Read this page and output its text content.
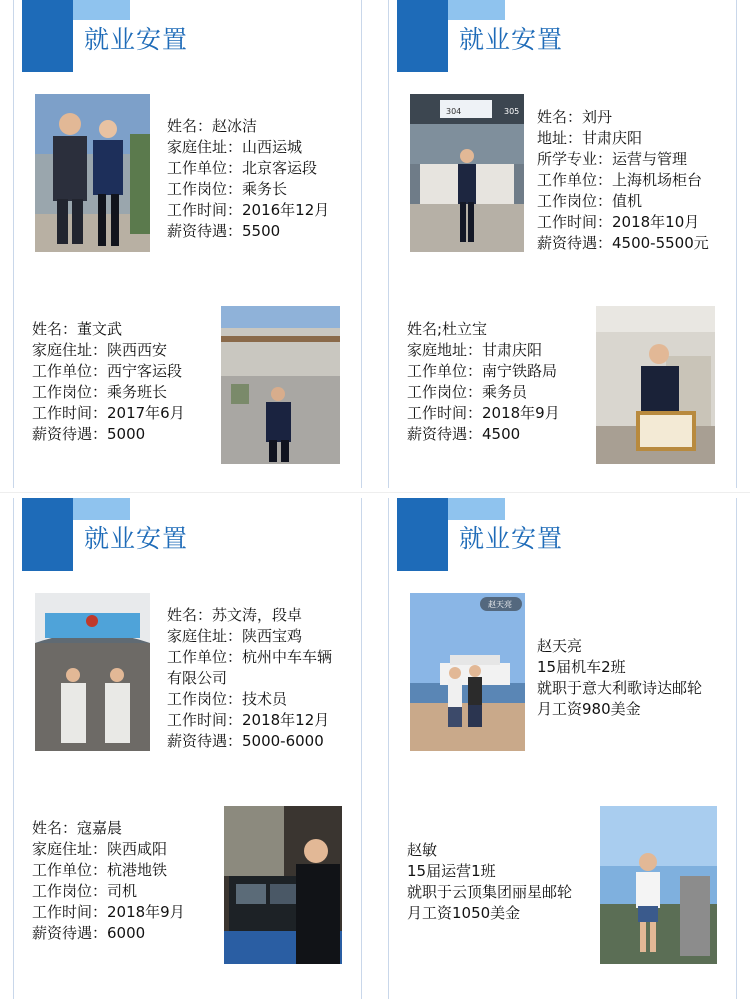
就业安置
姓名：赵冰洁
家庭住址：山西运城
工作单位：北京客运段
工作岗位：乘务长
工作时间：2016年12月
薪资待遇：5500
姓名：董文武
家庭住址：陕西西安
工作单位：西宁客运段
工作岗位：乘务班长
工作时间：2017年6月
薪资待遇：5000
就业安置
304	305 姓名：刘丹
地址：甘肃庆阳
所学专业：运营与管理
工作单位：上海机场柜台
工作岗位：值机
工作时间：2018年10月
薪资待遇：4500-5500元
姓名;杜立宝
家庭地址：甘肃庆阳
工作单位：南宁铁路局
工作岗位：乘务员
工作时间：2018年9月
薪资待遇：4500
就业安置
姓名：苏文涛，段卓
家庭住址：陕西宝鸡
工作单位：杭州中车车辆
有限公司
工作岗位：技术员
工作时间：2018年12月
薪资待遇：5000-6000
姓名：寇嘉晨
家庭住址：陕西咸阳
工作单位：杭港地铁
工作岗位：司机
工作时间：2018年9月
薪资待遇：6000
就业安置
赵天亮
赵天亮
15届机车2班
就职于意大利歌诗达邮轮
月工资980美金
赵敏
15届运营1班
就职于云顶集团丽星邮轮
月工资1050美金
